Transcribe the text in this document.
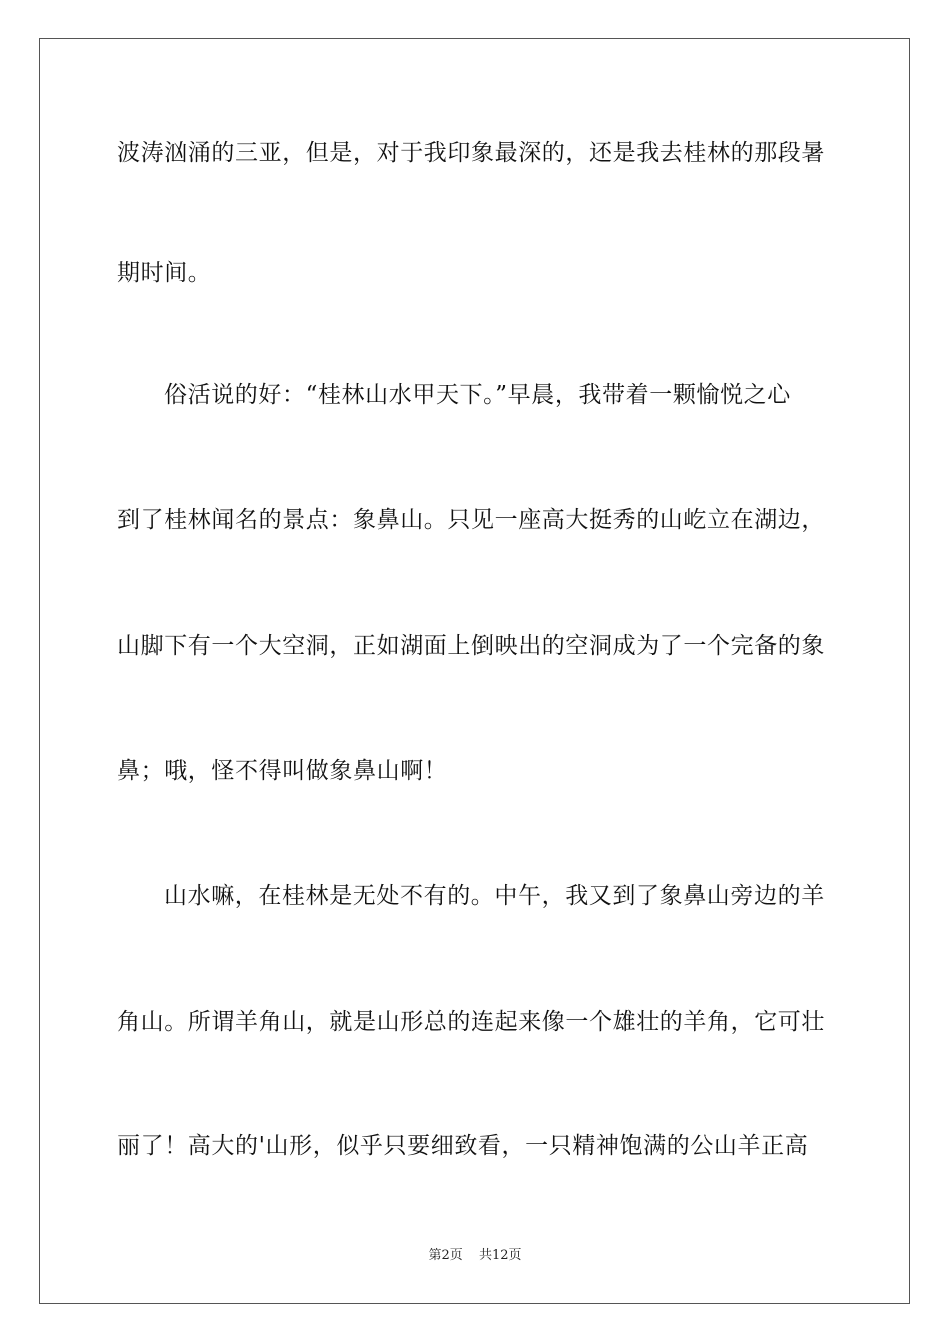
波涛汹涌的三亚，但是，对于我印象最深的，还是我去桂林的那段暑
期时间。
俗活说的好：“桂林山水甲天下。”早晨，我带着一颗愉悦之心
到了桂林闻名的景点：象鼻山。只见一座高大挺秀的山屹立在湖边，
山脚下有一个大空洞，正如湖面上倒映出的空洞成为了一个完备的象
鼻；哦，怪不得叫做象鼻山啊！
山水嘛，在桂林是无处不有的。中午，我又到了象鼻山旁边的羊
角山。所谓羊角山，就是山形总的连起来像一个雄壮的羊角，它可壮
丽了！高大的'山形，似乎只要细致看，一只精神饱满的公山羊正高
第2页 共12页
